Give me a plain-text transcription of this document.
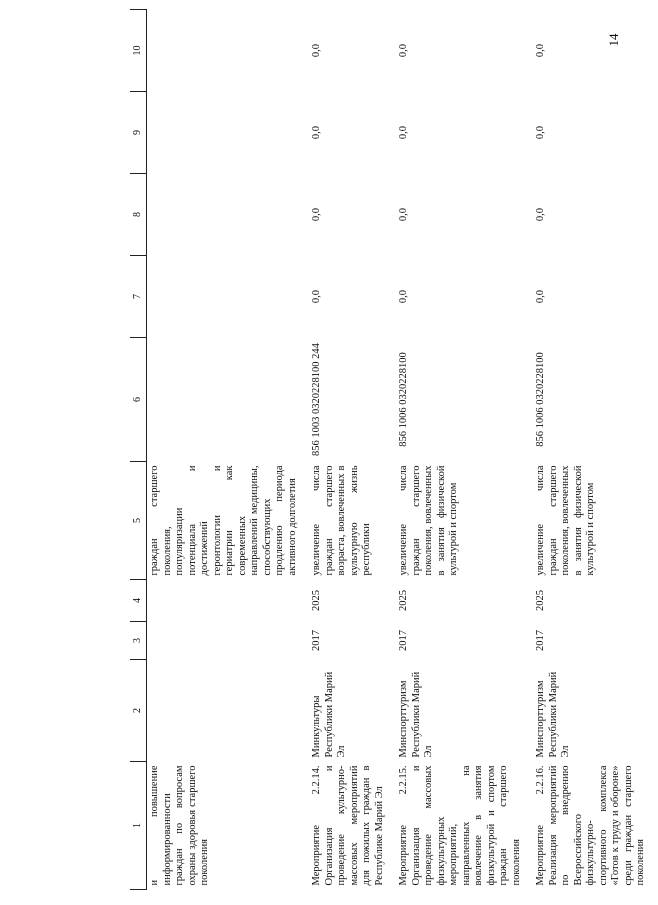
14
1	2	3	4	5	6	7	8	9	10
и повышение информированности граждан по вопросам охраны здоровья старшего поколения				граждан старшего поколения, популяризации потенциала и достижений геронтологии и гериатрии как современных направлений медицины, способствующих продлению периода активного долголетия					
Мероприятие 2.2.14. Организация и проведение культурно-массовых мероприятий для пожилых граждан в Республике Марий Эл	Минкультуры Республики Марий Эл	2017	2025	увеличение числа граждан старшего возраста, вовлеченных в культурную жизнь республики	856 1003 0320228100 244	0,0	0,0	0,0	0,0
Мероприятие 2.2.15. Организация и проведение массовых физкультурных мероприятий, направленных на вовлечение в занятия физкультурой и спортом граждан старшего поколения	Минспорттуризм Республики Марий Эл	2017	2025	увеличение числа граждан старшего поколения, вовлеченных в занятия физической культурой и спортом	856 1006 0320228100	0,0	0,0	0,0	0,0
Мероприятие 2.2.16. Реализация мероприятий по внедрению Всероссийского физкультурно-спортивного комплекса «Готов к труду и обороне» среди граждан старшего поколения	Минспорттуризм Республики Марий Эл	2017	2025	увеличение числа граждан старшего поколения, вовлеченных в занятия физической культурой и спортом	856 1006 0320228100	0,0	0,0	0,0	0,0
